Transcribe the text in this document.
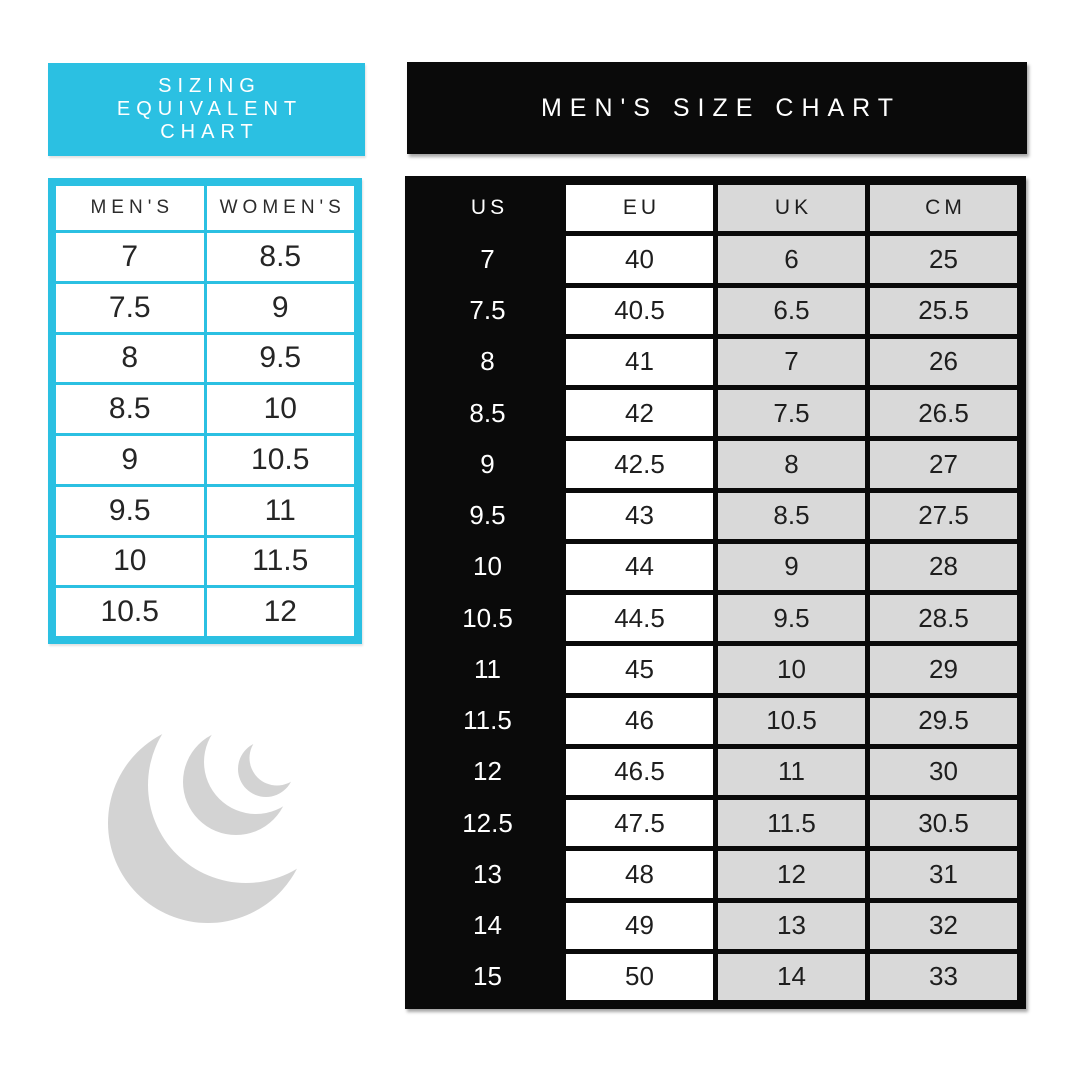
SIZING
EQUIVALENT
CHART
MEN'S	WOMEN'S
7	8.5
7.5	9
8	9.5
8.5	10
9	10.5
9.5	11
10	11.5
10.5	12
MEN'S SIZE CHART
US	EU	UK	CM
7	40	6	25
7.5	40.5	6.5	25.5
8	41	7	26
8.5	42	7.5	26.5
9	42.5	8	27
9.5	43	8.5	27.5
10	44	9	28
10.5	44.5	9.5	28.5
11	45	10	29
11.5	46	10.5	29.5
12	46.5	11	30
12.5	47.5	11.5	30.5
13	48	12	31
14	49	13	32
15	50	14	33
